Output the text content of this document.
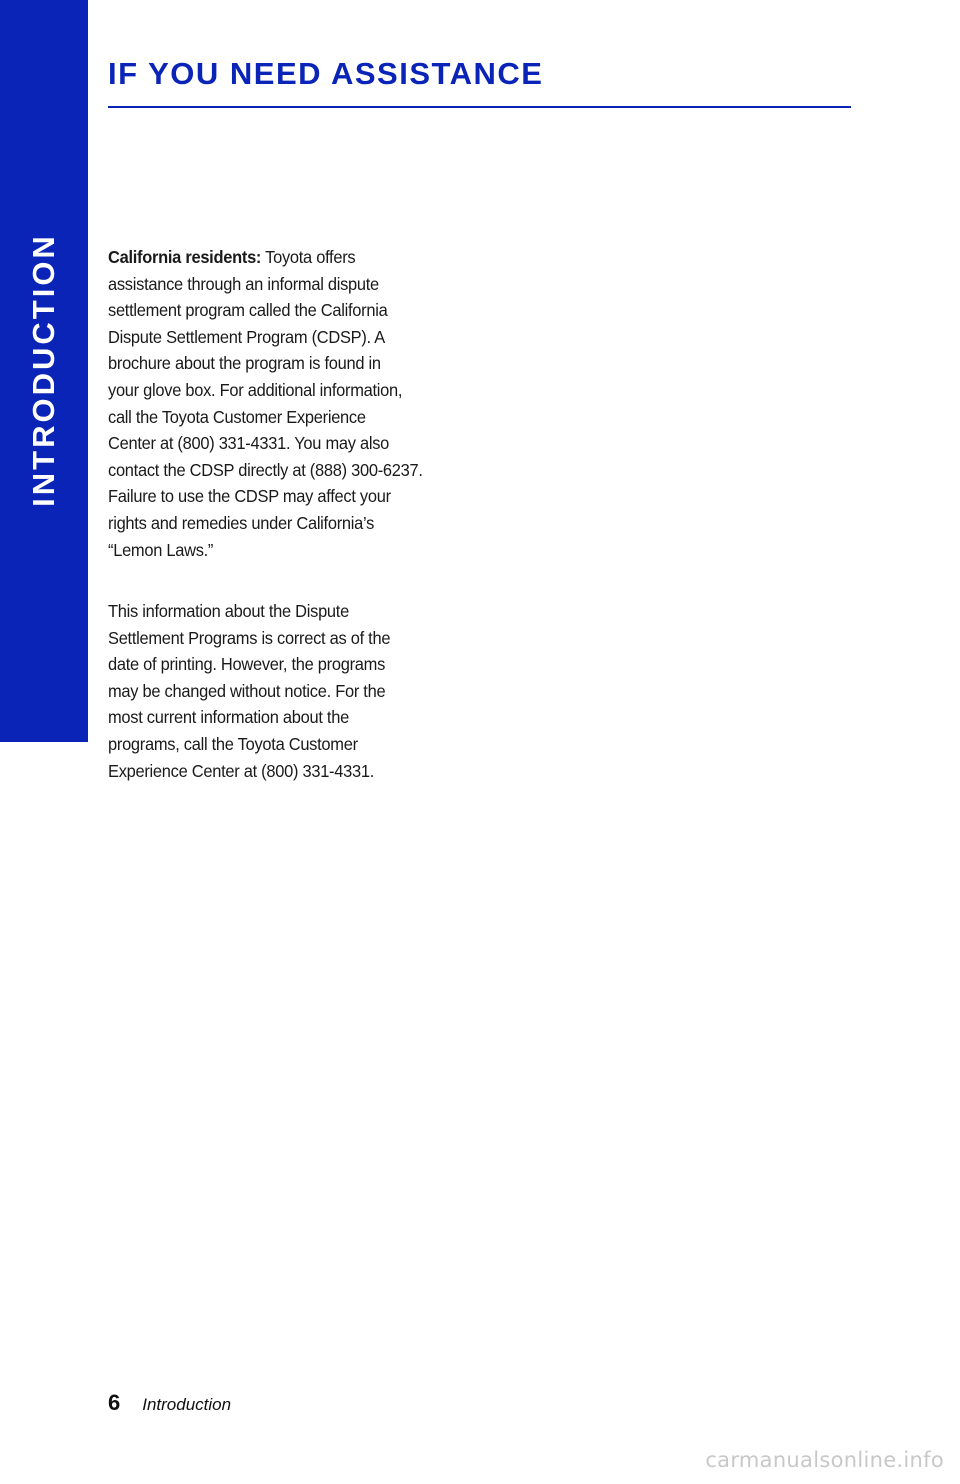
INTRODUCTION
IF YOU NEED ASSISTANCE
California residents: Toyota offers
assistance through an informal dispute
settlement program called the California
Dispute Settlement Program (CDSP). A
brochure about the program is found in
your glove box. For additional information,
call the Toyota Customer Experience
Center at (800) 331-4331. You may also
contact the CDSP directly at (888) 300-6237.
Failure to use the CDSP may affect your
rights and remedies under California’s
“Lemon Laws.”
This information about the Dispute
Settlement Programs is correct as of the
date of printing. However, the programs
may be changed without notice. For the
most current information about the
programs, call the Toyota Customer
Experience Center at (800) 331-4331.
6 Introduction
carmanualsonline.info
